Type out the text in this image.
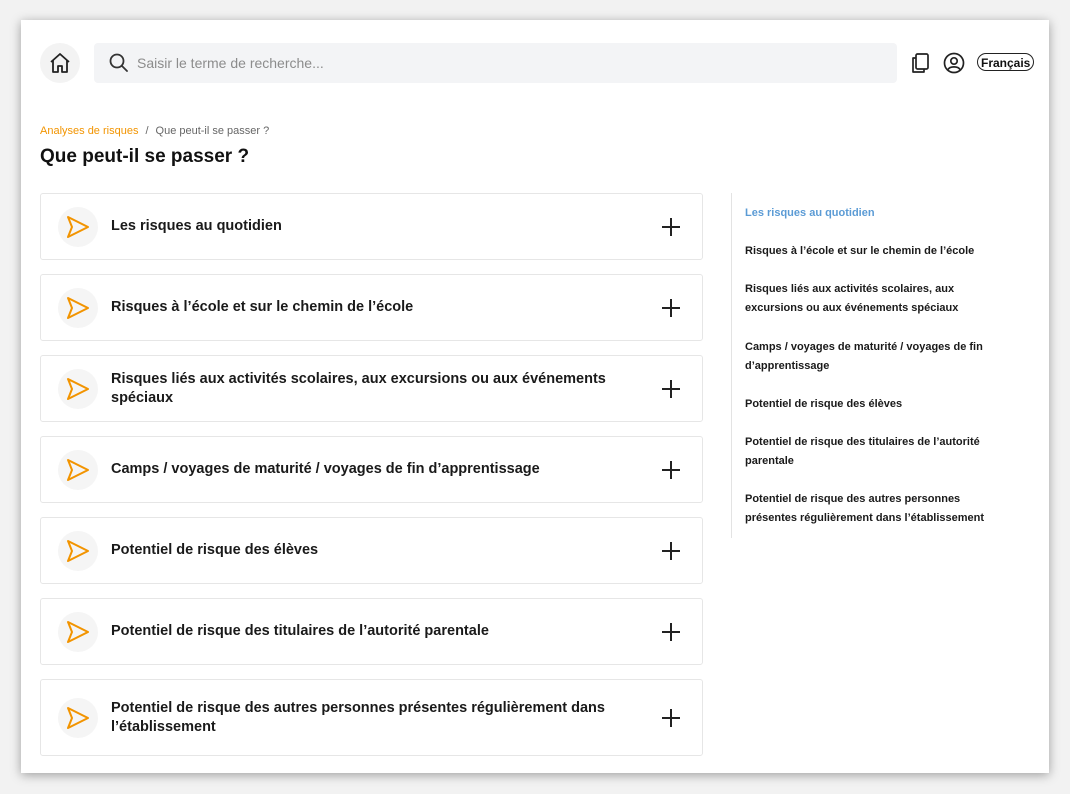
Saisir le terme de recherche...
Français
Analyses de risques / Que peut-il se passer ?
Que peut-il se passer ?
Les risques au quotidien
Risques à l’école et sur le chemin de l’école
Risques liés aux activités scolaires, aux excursions ou aux événements spéciaux
Camps / voyages de maturité / voyages de fin d’apprentissage
Potentiel de risque des élèves
Potentiel de risque des titulaires de l’autorité parentale
Potentiel de risque des autres personnes présentes régulièrement dans l’établissement
Les risques au quotidien
Risques à l’école et sur le chemin de l’école
Risques liés aux activités scolaires, aux excursions ou aux événements spéciaux
Camps / voyages de maturité / voyages de fin d’apprentissage
Potentiel de risque des élèves
Potentiel de risque des titulaires de l’autorité parentale
Potentiel de risque des autres personnes présentes régulièrement dans l’établissement
